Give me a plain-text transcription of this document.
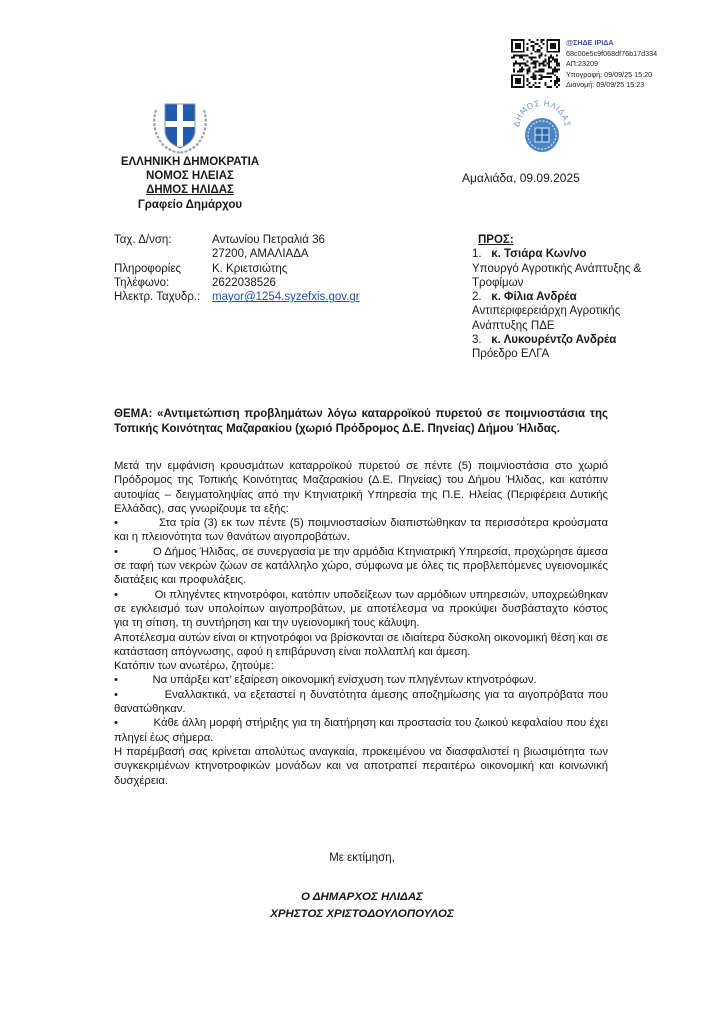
@ΣΗΔΕ ΙΡΙΔΑ
68c00e5c9f068df76b17d334
ΑΠ:23209
Υπογραφή: 09/09/25 15:20
Διανομή: 09/09/25 15:23
ΔΗΜΟΣ ΗΛΙΔΑΣ
ΕΛΛΗΝΙΚΗ ΔΗΜΟΚΡΑΤΙΑ
ΝΟΜΟΣ ΗΛΕΙΑΣ
ΔΗΜΟΣ ΗΛΙΔΑΣ
Γραφείο Δημάρχου
Αμαλιάδα, 09.09.2025
Ταχ. Δ/νση:	Αντωνίου Πετραλιά 36
27200, ΑΜΑΛΙΑΔΑ
Πληροφορίες	Κ. Κριετσιώτης
Τηλέφωνο:	2622038526
Ηλεκτρ. Ταχυδρ.:	mayor@1254.syzefxis.gov.gr
ΠΡΟΣ:
1. κ. Τσιάρα Κων/νο
Υπουργό Αγροτικής Ανάπτυξης & Τροφίμων
2. κ. Φίλια Ανδρέα
Αντιπεριφερειάρχη Αγροτικής Ανάπτυξης ΠΔΕ
3. κ. Λυκουρέντζο Ανδρέα
Πρόεδρο ΕΛΓΑ
ΘΕΜΑ: «Αντιμετώπιση προβλημάτων λόγω καταρροϊκού πυρετού σε ποιμνιοστάσια της Τοπικής Κοινότητας Μαζαρακίου (χωριό Πρόδρομος Δ.Ε. Πηνείας) Δήμου Ήλιδας.

Μετά την εμφάνιση κρουσμάτων καταρροϊκού πυρετού σε πέντε (5) ποιμνιοστάσια στο χωριό Πρόδρομος της Τοπικής Κοινότητας Μαζαρακίου (Δ.Ε. Πηνείας) του Δήμου Ήλιδας, και κατόπιν αυτοψίας – δειγματοληψίας από την Κτηνιατρική Υπηρεσία της Π.Ε. Ηλείας (Περιφέρεια Δυτικής Ελλάδας), σας γνωρίζουμε τα εξής:

•           Στα τρία (3) εκ των πέντε (5) ποιμνιοστασίων διαπιστώθηκαν τα περισσότερα κρούσματα και η πλειονότητα των θανάτων αιγοπροβάτων.

•           Ο Δήμος Ήλιδας, σε συνεργασία με την αρμόδια Κτηνιατρική Υπηρεσία, προχώρησε άμεσα σε ταφή των νεκρών ζώων σε κατάλληλο χώρο, σύμφωνα με όλες τις προβλεπόμενες υγειονομικές διατάξεις και προφυλάξεις.

•           Οι πληγέντες κτηνοτρόφοι, κατόπιν υποδείξεων των αρμόδιων υπηρεσιών, υποχρεώθηκαν σε εγκλεισμό των υπολοίπων αιγοπροβάτων, με αποτέλεσμα να προκύψει δυσβάσταχτο κόστος για τη σίτιση, τη συντήρηση και την υγειονομική τους κάλυψη.

Αποτέλεσμα αυτών είναι οι κτηνοτρόφοι να βρίσκονται σε ιδιαίτερα δύσκολη οικονομική θέση και σε κατάσταση απόγνωσης, αφού η επιβάρυνση είναι πολλαπλή και άμεση.

Κατόπιν των ανωτέρω, ζητούμε:

•           Να υπάρξει κατ’ εξαίρεση οικονομική ενίσχυση των πληγέντων κτηνοτρόφων.

•           Εναλλακτικά, να εξεταστεί η δυνατότητα άμεσης αποζημίωσης για τα αιγοπρόβατα που θανατώθηκαν.

•           Κάθε άλλη μορφή στήριξης για τη διατήρηση και προστασία του ζωικού κεφαλαίου που έχει πληγεί έως σήμερα.

Η παρέμβασή σας κρίνεται απολύτως αναγκαία, προκειμένου να διασφαλιστεί η βιωσιμότητα των συγκεκριμένων κτηνοτροφικών μονάδων και να αποτραπεί περαιτέρω οικονομική και κοινωνική δυσχέρεια.

Με εκτίμηση,
Ο ΔΗΜΑΡΧΟΣ ΗΛΙΔΑΣ
ΧΡΗΣΤΟΣ ΧΡΙΣΤΟΔΟΥΛΟΠΟΥΛΟΣ
